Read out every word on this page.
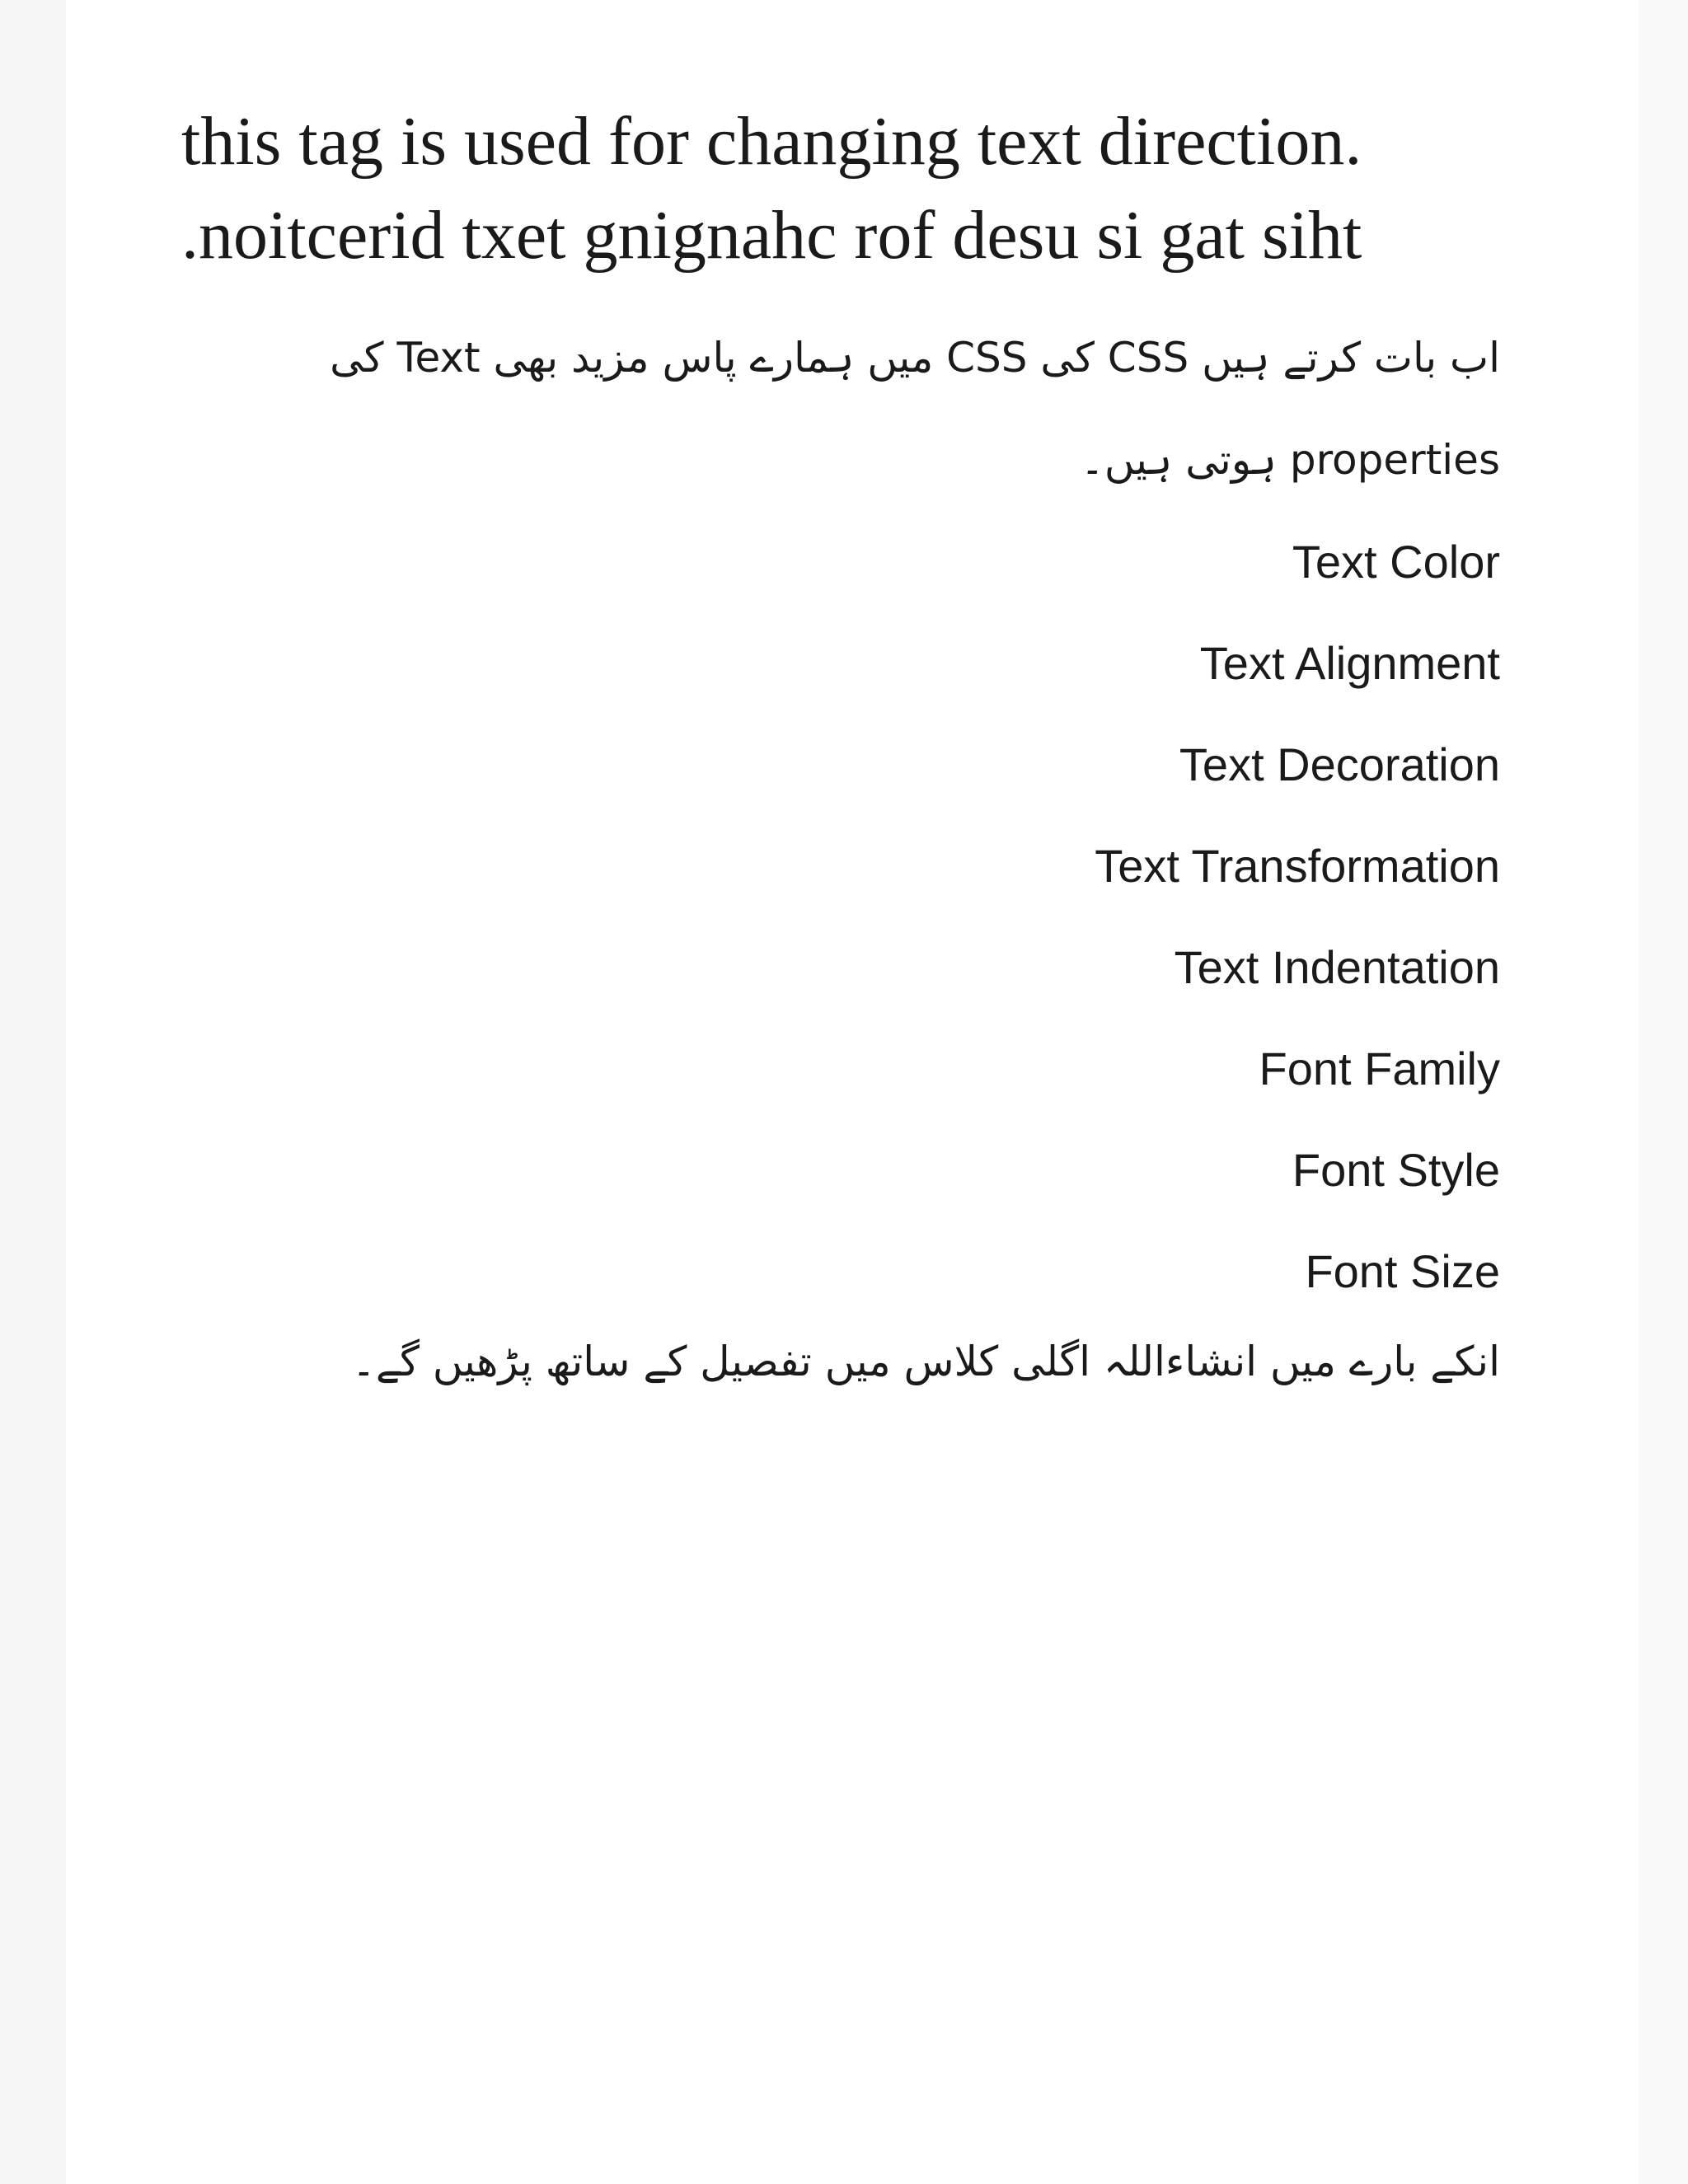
this tag is used for changing text direction.
.noitcerid txet gnignahc rof desu si gat siht
اب بات کرتے ہیں CSS کی CSS میں ہمارے پاس مزید بھی Text کی properties ہوتی ہیں۔
Text Color
Text Alignment
Text Decoration
Text Transformation
Text Indentation
Font Family
Font Style
Font Size
انکے بارے میں انشاءاللہ اگلی کلاس میں تفصیل کے ساتھ پڑھیں گے۔
